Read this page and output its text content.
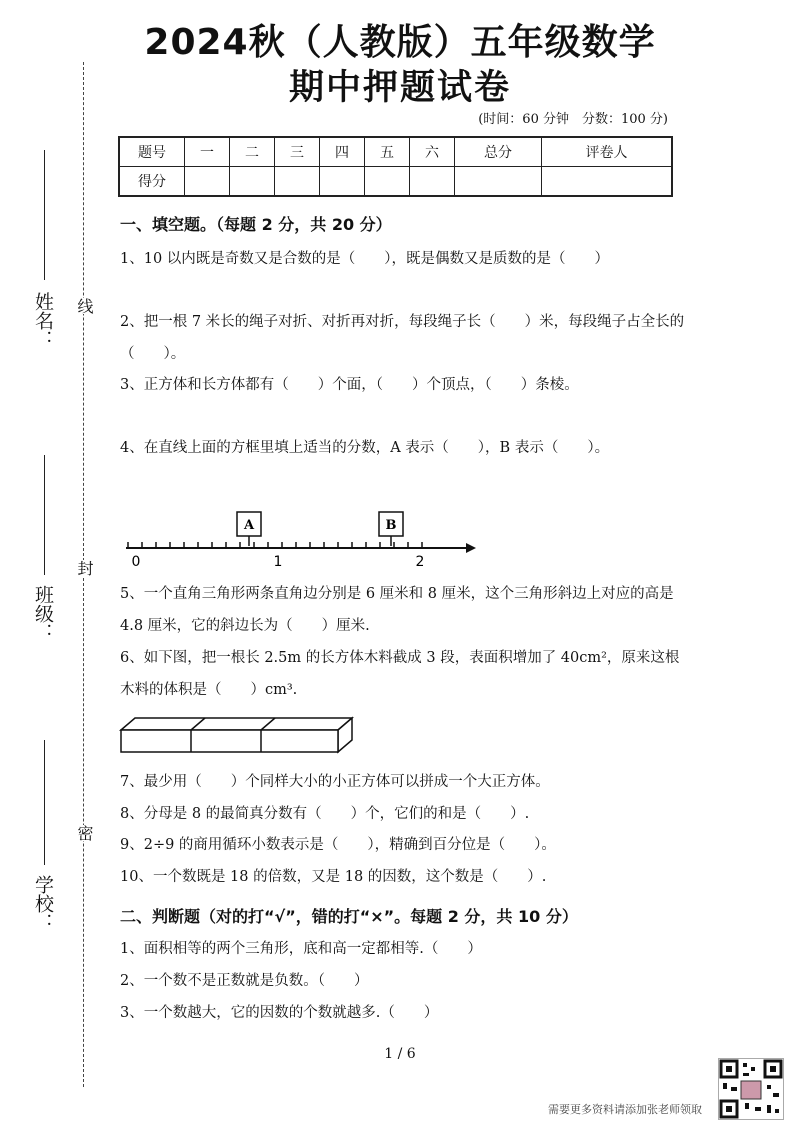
2024秋（人教版）五年级数学
期中押题试卷
(时间：60 分钟　分数：100 分)
题号	一	二	三	四	五	六	总分	评卷人
得分								
姓名：
班级：
学校：
线
封
密
一、填空题。（每题 2 分，共 20 分）
1、10 以内既是奇数又是合数的是（　　），既是偶数又是质数的是（　　）
2、把一根 7 米长的绳子对折、对折再对折，每段绳子长（　　）米，每段绳子占全长的（　　）。
3、正方体和长方体都有（　　）个面，（　　）个顶点，（　　）条棱。
4、在直线上面的方框里填上适当的分数，A 表示（　　），B 表示（　　）。
A	B
0	1	2
5、一个直角三角形两条直角边分别是 6 厘米和 8 厘米，这个三角形斜边上对应的高是 4.8 厘米，它的斜边长为（　　）厘米.
6、如下图，把一根长 2.5m 的长方体木料截成 3 段，表面积增加了 40cm²，原来这根木料的体积是（　　）cm³.
7、最少用（　　）个同样大小的小正方体可以拼成一个大正方体。
8、分母是 8 的最简真分数有（　　）个，它们的和是（　　）.
9、2÷9 的商用循环小数表示是（　　），精确到百分位是（　　）。
10、一个数既是 18 的倍数，又是 18 的因数，这个数是（　　）.
二、判断题（对的打“√”，错的打“×”。每题 2 分，共 10 分）
1、面积相等的两个三角形，底和高一定都相等.（　　）
2、一个数不是正数就是负数。（　　）
3、一个数越大，它的因数的个数就越多.（　　）
1 / 6
需要更多资料请添加张老师领取
